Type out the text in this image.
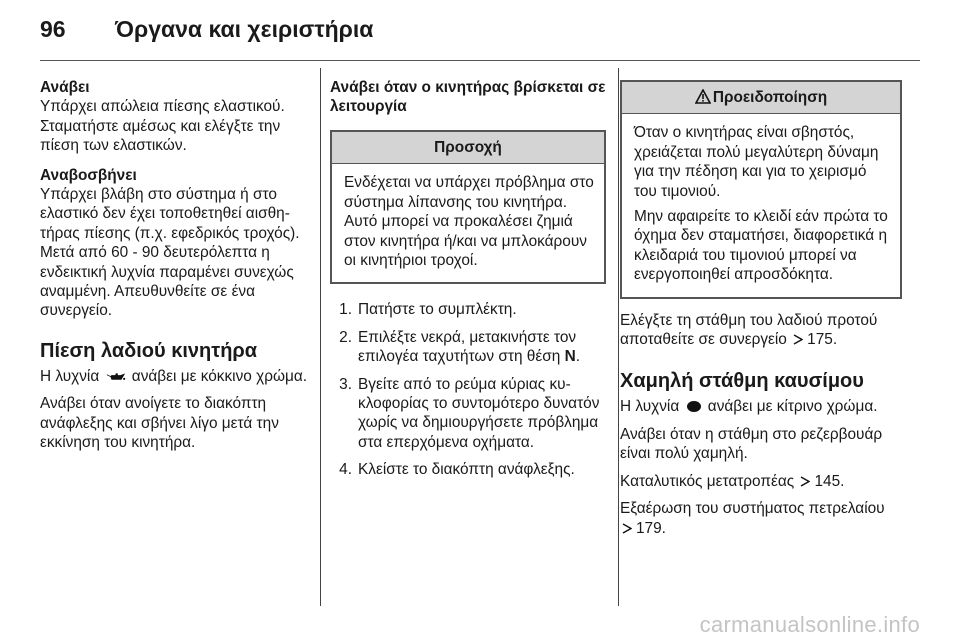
96 Όργανα και χειριστήρια
Ανάβει

Υπάρχει απώλεια πίεσης ελαστικού. Σταματήστε αμέσως και ελέγξτε την πίεση των ελαστικών.

Αναβοσβήνει

Υπάρχει βλάβη στο σύστημα ή στο ελαστικό δεν έχει τοποθετηθεί αισθητήρας πίεσης (π.χ. εφεδρικός τροχός). Μετά από 60 - 90 δευτερόλεπτα η ενδεικτική λυχνία παραμένει συνεχώς αναμμένη. Απευθυνθείτε σε ένα συνεργείο.

Πίεση λαδιού κινητήρα

Η λυχνία ανάβει με κόκκινο χρώμα.

Ανάβει όταν ανοίγετε το διακόπτη ανάφλεξης και σβήνει λίγο μετά την εκκίνηση του κινητήρα.

Ανάβει όταν ο κινητήρας βρίσκεται σε λειτουργία
Προσοχή

Ενδέχεται να υπάρχει πρόβλημα στο σύστημα λίπανσης του κινητήρα. Αυτό μπορεί να προκαλέσει ζημιά στον κινητήρα ή/και να μπλοκάρουν οι κινητήριοι τροχοί.

1. Πατήστε το συμπλέκτη.
2. Επιλέξτε νεκρά, μετακινήστε τον επιλογέα ταχυτήτων στη θέση N.
3. Βγείτε από το ρεύμα κύριας κυκλοφορίας το συντομότερο δυνατόν χωρίς να δημιουργήσετε πρόβλημα στα επερχόμενα οχήματα.
4. Κλείστε το διακόπτη ανάφλεξης.
Προειδοποίηση

Όταν ο κινητήρας είναι σβηστός, χρειάζεται πολύ μεγαλύτερη δύναμη για την πέδηση και για το χειρισμό του τιμονιού.

Μην αφαιρείτε το κλειδί εάν πρώτα το όχημα δεν σταματήσει, διαφορετικά η κλειδαριά του τιμονιού μπορεί να ενεργοποιηθεί απροσδόκητα.

Ελέγξτε τη στάθμη του λαδιού προτού αποταθείτε σε συνεργείο 175.

Χαμηλή στάθμη καυσίμου

Η λυχνία ανάβει με κίτρινο χρώμα.

Ανάβει όταν η στάθμη στο ρεζερβουάρ είναι πολύ χαμηλή.

Καταλυτικός μετατροπέας 145.

Εξαέρωση του συστήματος πετρελαίου 179.

carmanualsonline.info
